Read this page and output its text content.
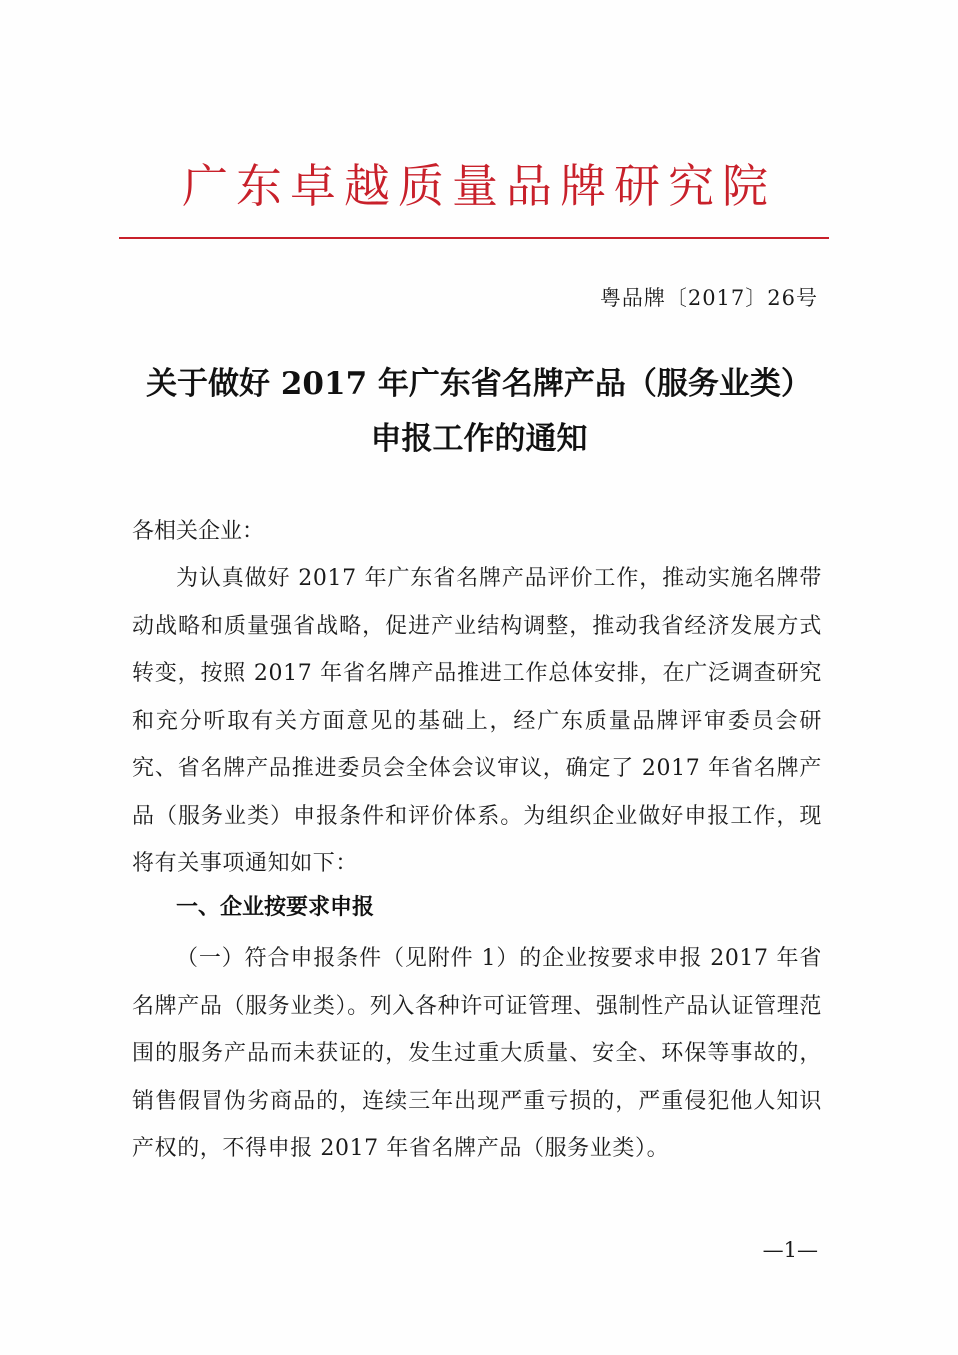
广东卓越质量品牌研究院
粤品牌〔2017〕26号
关于做好 2017 年广东省名牌产品（服务业类）
申报工作的通知
各相关企业：
为认真做好 2017 年广东省名牌产品评价工作，推动实施名牌带动战略和质量强省战略，促进产业结构调整，推动我省经济发展方式转变，按照 2017 年省名牌产品推进工作总体安排，在广泛调查研究和充分听取有关方面意见的基础上，经广东质量品牌评审委员会研究、省名牌产品推进委员会全体会议审议，确定了 2017 年省名牌产品（服务业类）申报条件和评价体系。为组织企业做好申报工作，现将有关事项通知如下：
一、企业按要求申报
（一）符合申报条件（见附件 1）的企业按要求申报 2017 年省名牌产品（服务业类）。列入各种许可证管理、强制性产品认证管理范围的服务产品而未获证的，发生过重大质量、安全、环保等事故的，销售假冒伪劣商品的，连续三年出现严重亏损的，严重侵犯他人知识产权的，不得申报 2017 年省名牌产品（服务业类）。
—1—
